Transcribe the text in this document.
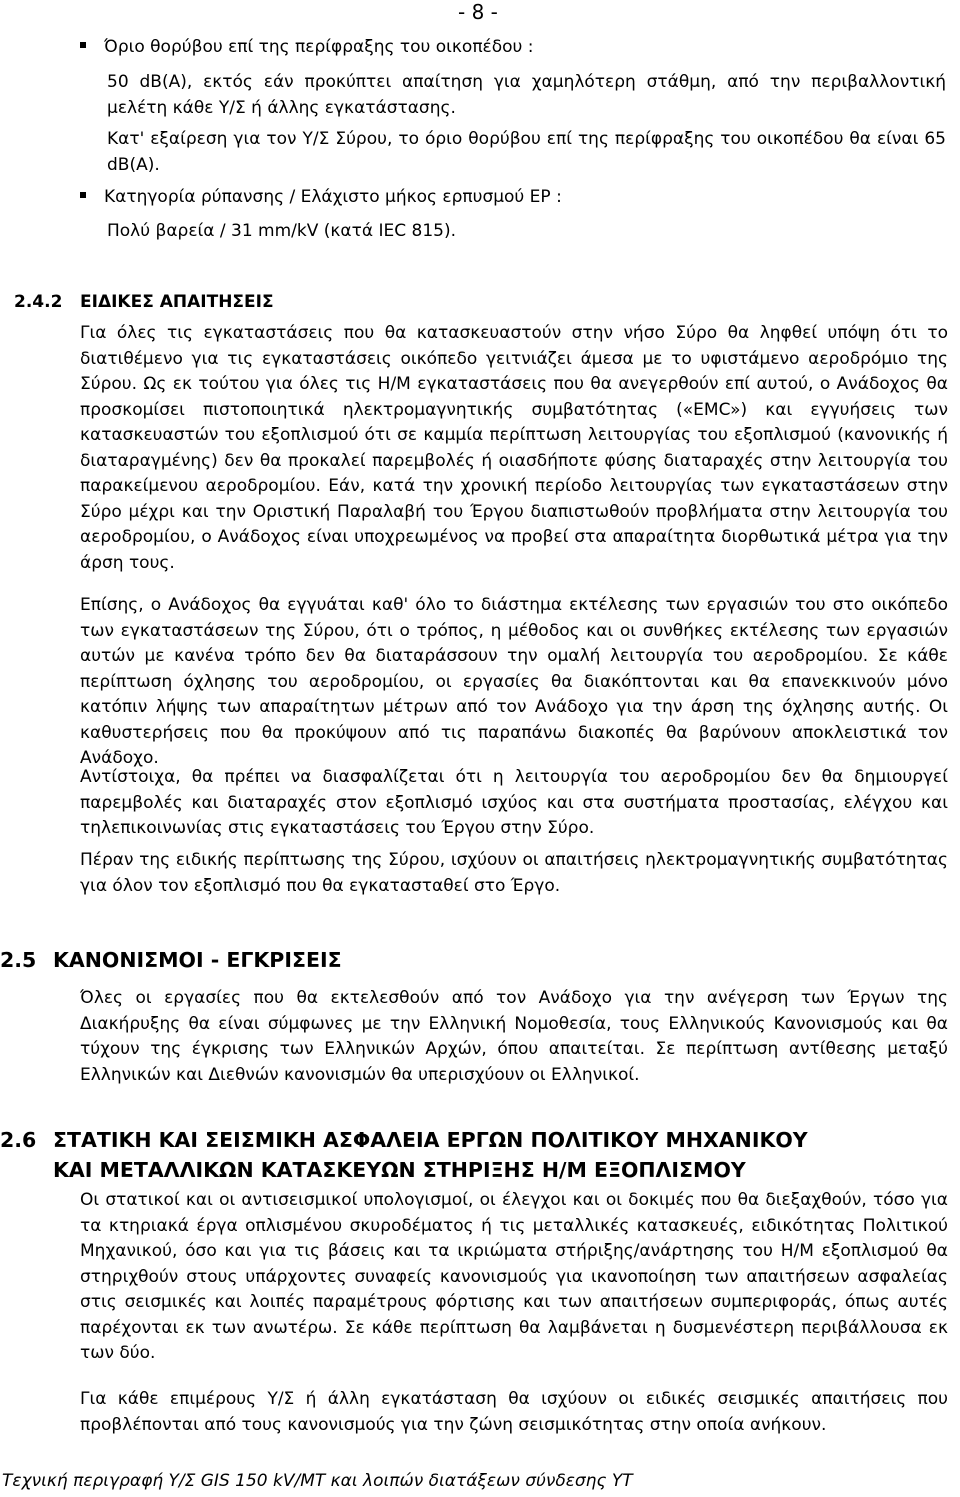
- 8 -
Όριο θορύβου επί της περίφραξης του οικοπέδου :
50 dB(A), εκτός εάν προκύπτει απαίτηση για χαμηλότερη στάθμη, από την περιβαλλοντική μελέτη κάθε Υ/Σ ή άλλης εγκατάστασης.
Κατ' εξαίρεση για τον Υ/Σ Σύρου, το όριο θορύβου επί της περίφραξης του οικοπέδου θα είναι 65 dB(A).
Κατηγορία ρύπανσης / Ελάχιστο μήκος ερπυσμού ΕΡ :
Πολύ βαρεία / 31 mm/kV (κατά IEC 815).
2.4.2 ΕΙΔΙΚΕΣ ΑΠΑΙΤΗΣΕΙΣ
Για όλες τις εγκαταστάσεις που θα κατασκευαστούν στην νήσο Σύρο θα ληφθεί υπόψη ότι το διατιθέμενο για τις εγκαταστάσεις οικόπεδο γειτνιάζει άμεσα με το υφιστάμενο αεροδρόμιο της Σύρου. Ως εκ τούτου για όλες τις Η/Μ εγκαταστάσεις που θα ανεγερθούν επί αυτού, ο Ανάδοχος θα προσκομίσει πιστοποιητικά ηλεκτρομαγνητικής συμβατότητας («EMC») και εγγυήσεις των κατασκευαστών του εξοπλισμού ότι σε καμμία περίπτωση λειτουργίας του εξοπλισμού (κανονικής ή διαταραγμένης) δεν θα προκαλεί παρεμβολές ή οιασδήποτε φύσης διαταραχές στην λειτουργία του παρακείμενου αεροδρομίου. Εάν, κατά την χρονική περίοδο λειτουργίας των εγκαταστάσεων στην Σύρο μέχρι και την Οριστική Παραλαβή του Έργου διαπιστωθούν προβλήματα στην λειτουργία του αεροδρομίου, ο Ανάδοχος είναι υποχρεωμένος να προβεί στα απαραίτητα διορθωτικά μέτρα για την άρση τους.
Επίσης, ο Ανάδοχος θα εγγυάται καθ' όλο το διάστημα εκτέλεσης των εργασιών του στο οικόπεδο των εγκαταστάσεων της Σύρου, ότι ο τρόπος, η μέθοδος και οι συνθήκες εκτέλεσης των εργασιών αυτών με κανένα τρόπο δεν θα διαταράσσουν την ομαλή λειτουργία του αεροδρομίου. Σε κάθε περίπτωση όχλησης του αεροδρομίου, οι εργασίες θα διακόπτονται και θα επανεκκινούν μόνο κατόπιν λήψης των απαραίτητων μέτρων από τον Ανάδοχο για την άρση της όχλησης αυτής. Οι καθυστερήσεις που θα προκύψουν από τις παραπάνω διακοπές θα βαρύνουν αποκλειστικά τον Ανάδοχο.
Αντίστοιχα, θα πρέπει να διασφαλίζεται ότι η λειτουργία του αεροδρομίου δεν θα δημιουργεί παρεμβολές και διαταραχές στον εξοπλισμό ισχύος και στα συστήματα προστασίας, ελέγχου και τηλεπικοινωνίας στις εγκαταστάσεις του Έργου στην Σύρο.
Πέραν της ειδικής περίπτωσης της Σύρου, ισχύουν οι απαιτήσεις ηλεκτρομαγνητικής συμβατότητας για όλον τον εξοπλισμό που θα εγκατασταθεί στο Έργο.
2.5 ΚΑΝΟΝΙΣΜΟΙ - ΕΓΚΡΙΣΕΙΣ
Όλες οι εργασίες που θα εκτελεσθούν από τον Ανάδοχο για την ανέγερση των Έργων της Διακήρυξης θα είναι σύμφωνες με την Ελληνική Νομοθεσία, τους Ελληνικούς Κανονισμούς και θα τύχουν της έγκρισης των Ελληνικών Αρχών, όπου απαιτείται. Σε περίπτωση αντίθεσης μεταξύ Ελληνικών και Διεθνών κανονισμών θα υπερισχύουν οι Ελληνικοί.
2.6 ΣΤΑΤΙΚΗ ΚΑΙ ΣΕΙΣΜΙΚΗ ΑΣΦΑΛΕΙΑ ΕΡΓΩΝ ΠΟΛΙΤΙΚΟΥ ΜΗΧΑΝΙΚΟΥ
ΚΑΙ ΜΕΤΑΛΛΙΚΩΝ ΚΑΤΑΣΚΕΥΩΝ ΣΤΗΡΙΞΗΣ Η/Μ ΕΞΟΠΛΙΣΜΟΥ
Οι στατικοί και οι αντισεισμικοί υπολογισμοί, οι έλεγχοι και οι δοκιμές που θα διεξαχθούν, τόσο για τα κτηριακά έργα οπλισμένου σκυροδέματος ή τις μεταλλικές κατασκευές, ειδικότητας Πολιτικού Μηχανικού, όσο και για τις βάσεις και τα ικριώματα στήριξης/ανάρτησης του Η/Μ εξοπλισμού θα στηριχθούν στους υπάρχοντες συναφείς κανονισμούς για ικανοποίηση των απαιτήσεων ασφαλείας στις σεισμικές και λοιπές παραμέτρους φόρτισης και των απαιτήσεων συμπεριφοράς, όπως αυτές παρέχονται εκ των ανωτέρω. Σε κάθε περίπτωση θα λαμβάνεται η δυσμενέστερη περιβάλλουσα εκ των δύο.
Για κάθε επιμέρους Υ/Σ ή άλλη εγκατάσταση θα ισχύουν οι ειδικές σεισμικές απαιτήσεις που προβλέπονται από τους κανονισμούς για την ζώνη σεισμικότητας στην οποία ανήκουν.
Τεχνική περιγραφή Υ/Σ GIS 150 kV/MT και λοιπών διατάξεων σύνδεσης ΥΤ
